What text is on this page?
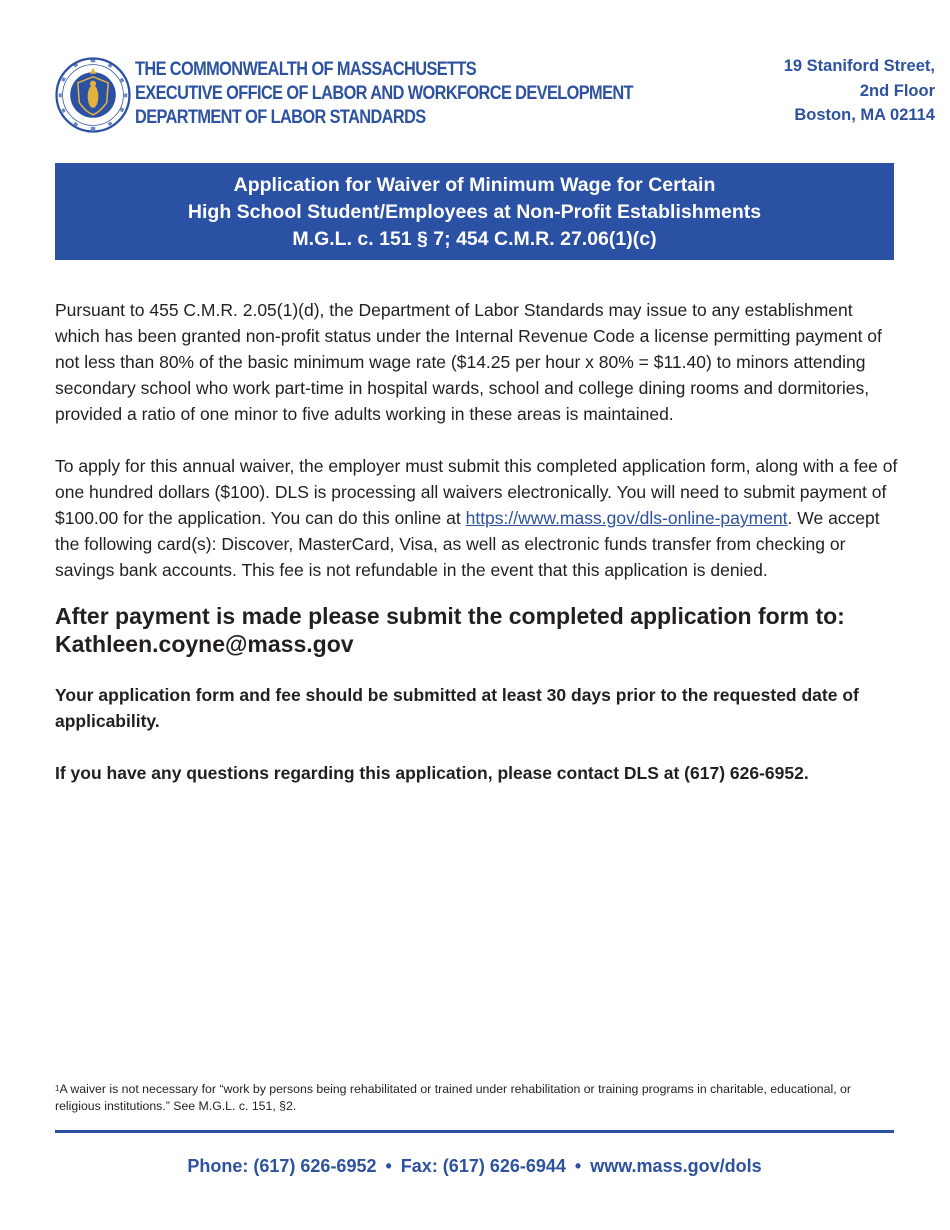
THE COMMONWEALTH OF MASSACHUSETTS
EXECUTIVE OFFICE OF LABOR AND WORKFORCE DEVELOPMENT
DEPARTMENT OF LABOR STANDARDS
19 Staniford Street,
2nd Floor
Boston, MA 02114
Application for Waiver of Minimum Wage for Certain
High School Student/Employees at Non-Profit Establishments
M.G.L. c. 151 § 7; 454 C.M.R. 27.06(1)(c)

Pursuant to 455 C.M.R. 2.05(1)(d), the Department of Labor Standards may issue to any establishment which has been granted non-profit status under the Internal Revenue Code a license permitting payment of not less than 80% of the basic minimum wage rate ($14.25 per hour x 80% = $11.40) to minors attending secondary school who work part-time in hospital wards, school and college dining rooms and dormitories, provided a ratio of one minor to five adults working in these areas is maintained.

To apply for this annual waiver, the employer must submit this completed application form, along with a fee of one hundred dollars ($100). DLS is processing all waivers electronically. You will need to submit payment of $100.00 for the application. You can do this online at https://www.mass.gov/dls-online-payment. We accept the following card(s): Discover, MasterCard, Visa, as well as electronic funds transfer from checking or savings bank accounts. This fee is not refundable in the event that this application is denied.

After payment is made please submit the completed application form to: Kathleen.coyne@mass.gov

Your application form and fee should be submitted at least 30 days prior to the requested date of applicability.

If you have any questions regarding this application, please contact DLS at (617) 626-6952.

$^1$A waiver is not necessary for “work by persons being rehabilitated or trained under rehabilitation or training programs in charitable, educational, or religious institutions.” See M.G.L. c. 151, §2.
Phone: (617) 626-6952 • Fax: (617) 626-6944 • www.mass.gov/dols
